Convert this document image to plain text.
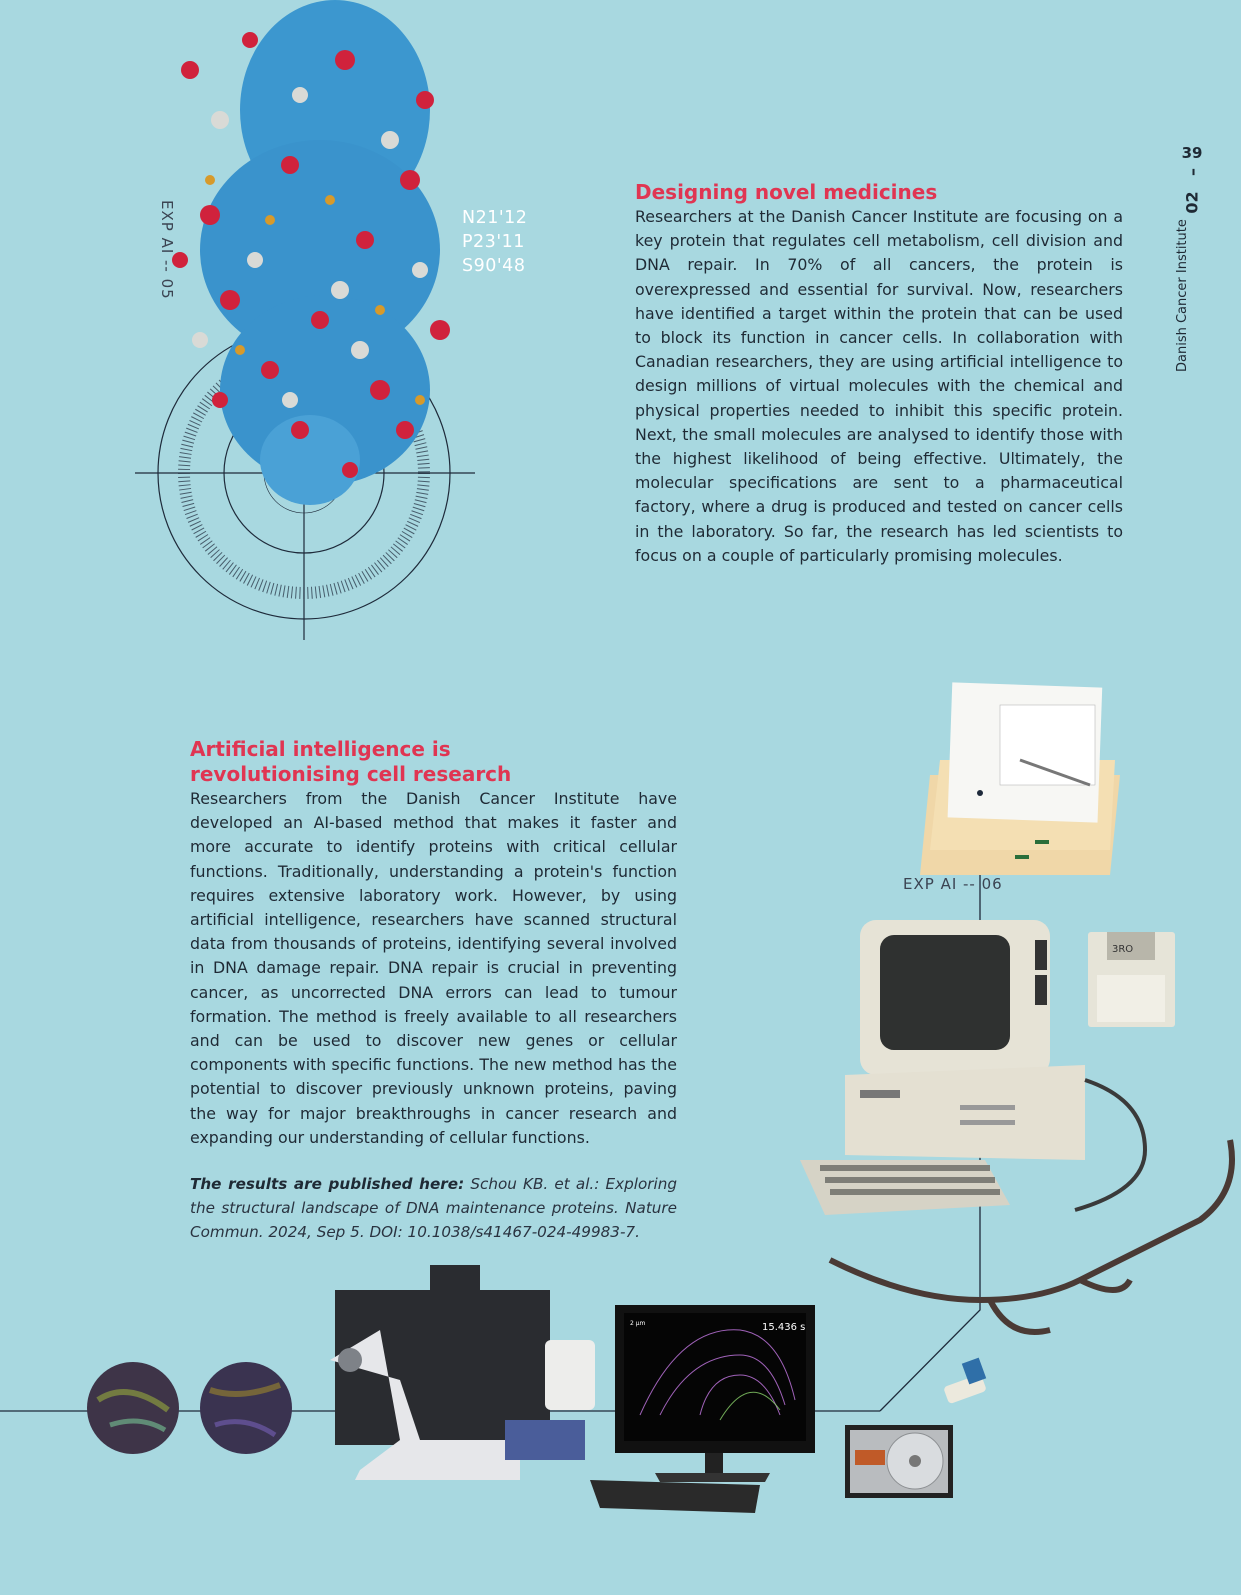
39
–
02
Danish Cancer Institute
EXP AI -- 05	N21'12
P23'11
S90'48
Designing novel medicines

Researchers at the Danish Cancer Institute are focusing on a key protein that regulates cell metabolism, cell division and DNA repair. In 70% of all cancers, the protein is overexpressed and essential for survival. Now, researchers have identified a target within the protein that can be used to block its function in cancer cells. In collaboration with Canadian researchers, they are using artificial intelligence to design millions of virtual molecules with the chemical and physical properties needed to inhibit this specific protein. Next, the small molecules are analysed to identify those with the highest likelihood of being effective. Ultimately, the molecular specifications are sent to a pharmaceutical factory, where a drug is produced and tested on cancer cells in the laboratory. So far, the research has led scientists to focus on a couple of particularly promising molecules.

Artificial intelligence is
revolutionising cell research

Researchers from the Danish Cancer Institute have developed an AI-based method that makes it faster and more accurate to identify proteins with critical cellular functions. Traditionally, understanding a protein's function requires extensive laboratory work. However, by using artificial intelligence, researchers have scanned structural data from thousands of proteins, identifying several involved in DNA damage repair. DNA repair is crucial in preventing cancer, as uncorrected DNA errors can lead to tumour formation. The method is freely available to all researchers and can be used to discover new genes or cellular components with specific functions. The new method has the potential to discover previously unknown proteins, paving the way for major breakthroughs in cancer research and expanding our understanding of cellular functions.

The results are published here: Schou KB. et al.: Exploring the structural landscape of DNA maintenance proteins. Nature Commun. 2024, Sep 5. DOI: 10.1038/s41467-024-49983-7.

EXP AI -- 06
3RO
15.436 s
2 µm
